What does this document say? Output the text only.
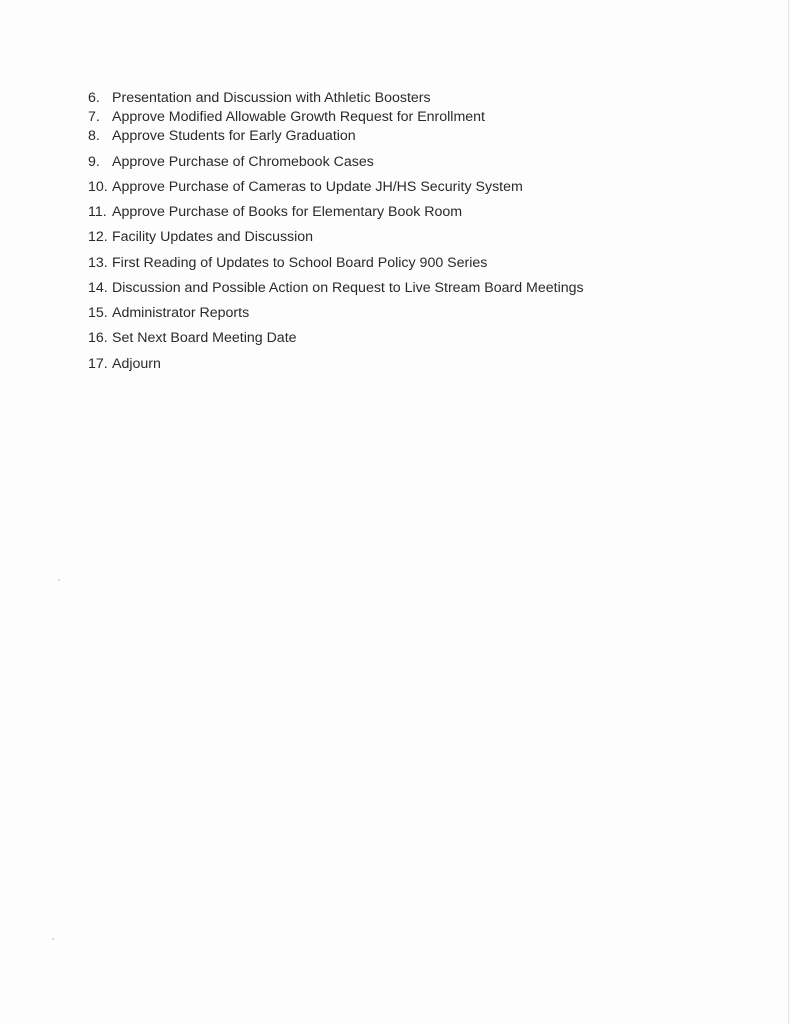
6. Presentation and Discussion with Athletic Boosters
7. Approve Modified Allowable Growth Request for Enrollment
8. Approve Students for Early Graduation
9. Approve Purchase of Chromebook Cases
10. Approve Purchase of Cameras to Update JH/HS Security System
11. Approve Purchase of Books for Elementary Book Room
12. Facility Updates and Discussion
13. First Reading of Updates to School Board Policy 900 Series
14. Discussion and Possible Action on Request to Live Stream Board Meetings
15. Administrator Reports
16. Set Next Board Meeting Date
17. Adjourn
